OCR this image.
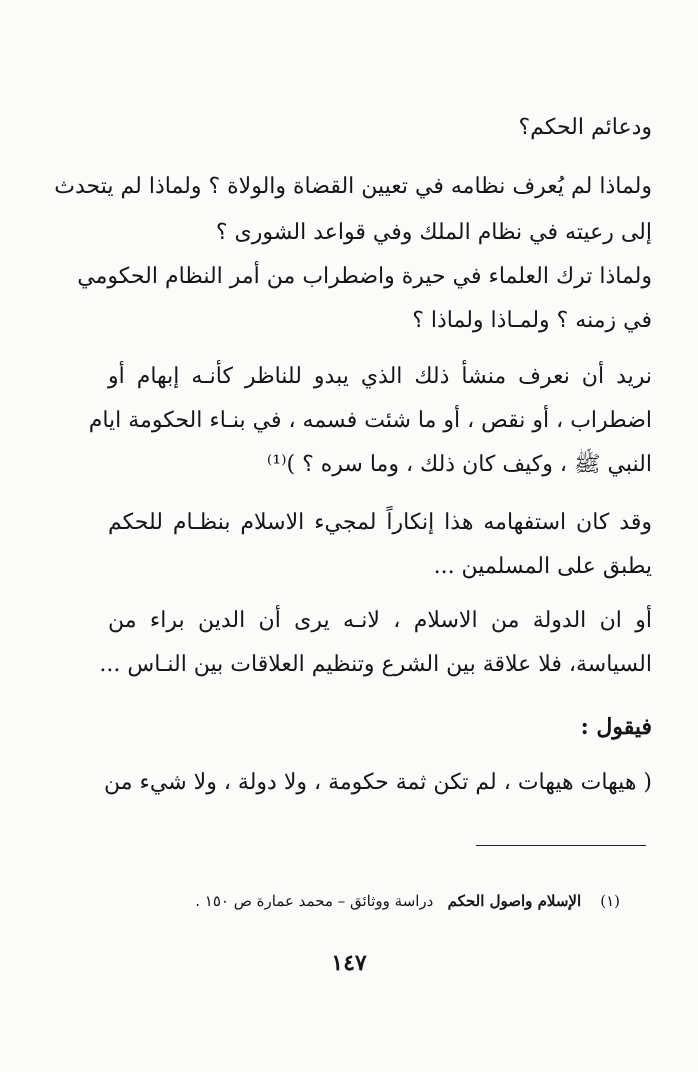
ودعائم الحكم؟
ولماذا لم يُعرف نظامه في تعيين القضاة والولاة ؟ ولماذا لم يتحدث
إلى رعيته في نظام الملك وفي قواعد الشورى ؟
ولماذا ترك العلماء في حيرة واضطراب من أمر النظام الحكومي
في زمنه ؟ ولمـاذا ولماذا ؟
نريد أن نعرف منشأ ذلك الذي يبدو للناظر كأنـه إبهام أو
اضطراب ، أو نقص ، أو ما شئت فسمه ، في بنـاء الحكومة ايام
النبي ﷺ ، وكيف كان ذلك ، وما سره ؟ )⁽¹⁾
وقد كان استفهامه هذا إنكاراً لمجيء الاسلام بنظـام للحكم
يطبق على المسلمين ...
أو ان الدولة من الاسلام ، لانـه يرى أن الدين براء من
السياسة، فلا علاقة بين الشرع وتنظيم العلاقات بين النـاس ...
فيقول :
( هيهات هيهات ، لم تكن ثمة حكومة ، ولا دولة ، ولا شيء من
(١)    الإسلام واصول الحكم   دراسة ووثائق – محمد عمارة ص ١٥٠ .
١٤٧
